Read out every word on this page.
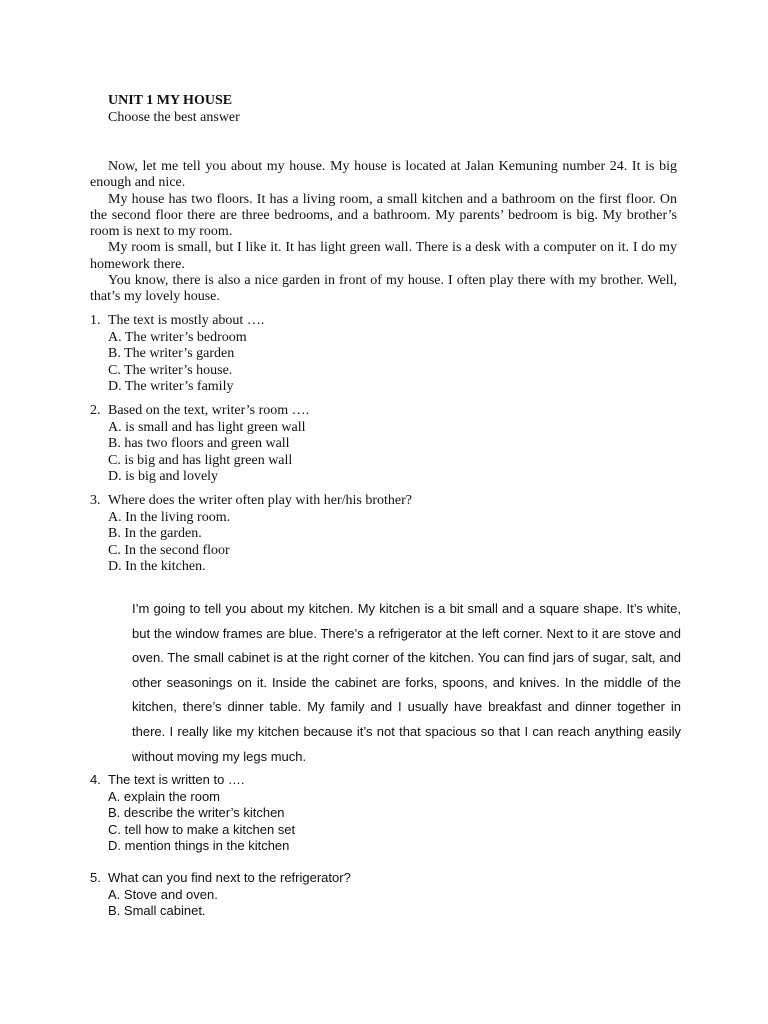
UNIT 1 MY HOUSE
Choose the best answer

Now, let me tell you about my house. My house is located at Jalan Kemuning number 24. It is big enough and nice.

My house has two floors. It has a living room, a small kitchen and a bathroom on the first floor. On the second floor there are three bedrooms, and a bathroom. My parents’ bedroom is big. My brother’s room is next to my room.

My room is small, but I like it. It has light green wall. There is a desk with a computer on it. I do my homework there.

You know, there is also a nice garden in front of my house. I often play there with my brother. Well, that’s my lovely house.

1. The text is mostly about ….
A. The writer’s bedroom
B. The writer’s garden
C. The writer’s house.
D. The writer’s family
2. Based on the text, writer’s room ….
A. is small and has light green wall
B. has two floors and green wall
C. is big and has light green wall
D. is big and lovely
3. Where does the writer often play with her/his brother?
A. In the living room.
B. In the garden.
C. In the second floor
D. In the kitchen.
I’m going to tell you about my kitchen. My kitchen is a bit small and a square shape. It’s white, but the window frames are blue. There’s a refrigerator at the left corner. Next to it are stove and oven. The small cabinet is at the right corner of the kitchen. You can find jars of sugar, salt, and other seasonings on it. Inside the cabinet are forks, spoons, and knives. In the middle of the kitchen, there’s dinner table. My family and I usually have breakfast and dinner together in there. I really like my kitchen because it’s not that spacious so that I can reach anything easily without moving my legs much.
4. The text is written to ….
A. explain the room
B. describe the writer’s kitchen
C. tell how to make a kitchen set
D. mention things in the kitchen
5. What can you find next to the refrigerator?
A. Stove and oven.
B. Small cabinet.
